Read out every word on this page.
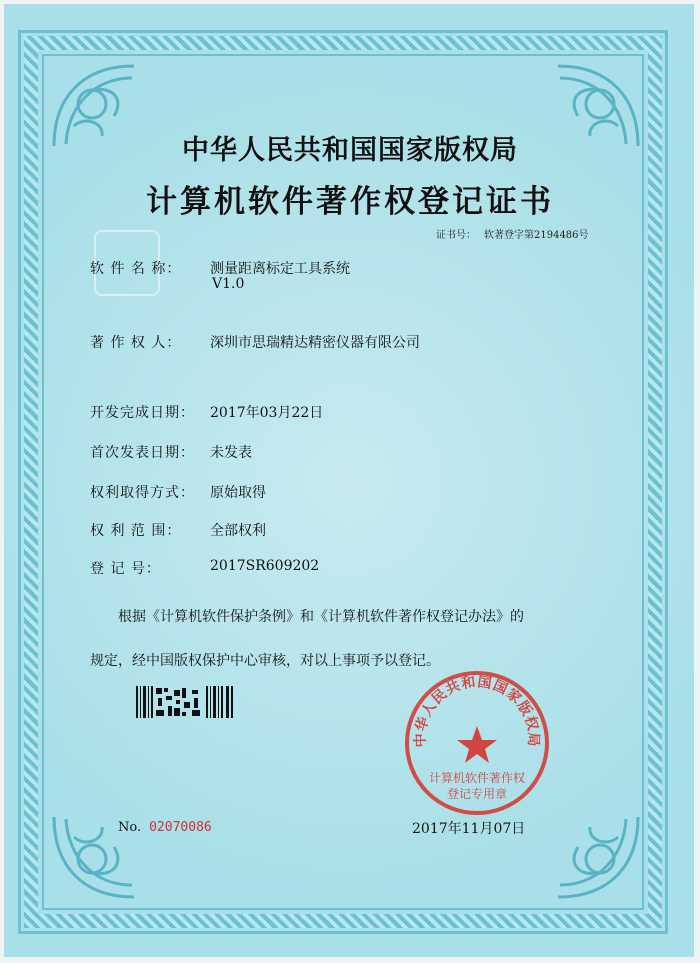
中华人民共和国国家版权局
计算机软件著作权登记证书
证书号： 软著登字第2194486号
软 件 名 称： 测量距离标定工具系统
V1.0
著 作 权 人： 深圳市思瑞精达精密仪器有限公司
开发完成日期： 2017年03月22日
首次发表日期： 未发表
权利取得方式： 原始取得
权 利 范 围： 全部权利
登 记 号：	2017SR609202
根据《计算机软件保护条例》和《计算机软件著作权登记办法》的
规定，经中国版权保护中心审核，对以上事项予以登记。
中华人民共和国国家版权局
计算机软件著作权
登记专用章
No. 02070086	2017年11月07日
